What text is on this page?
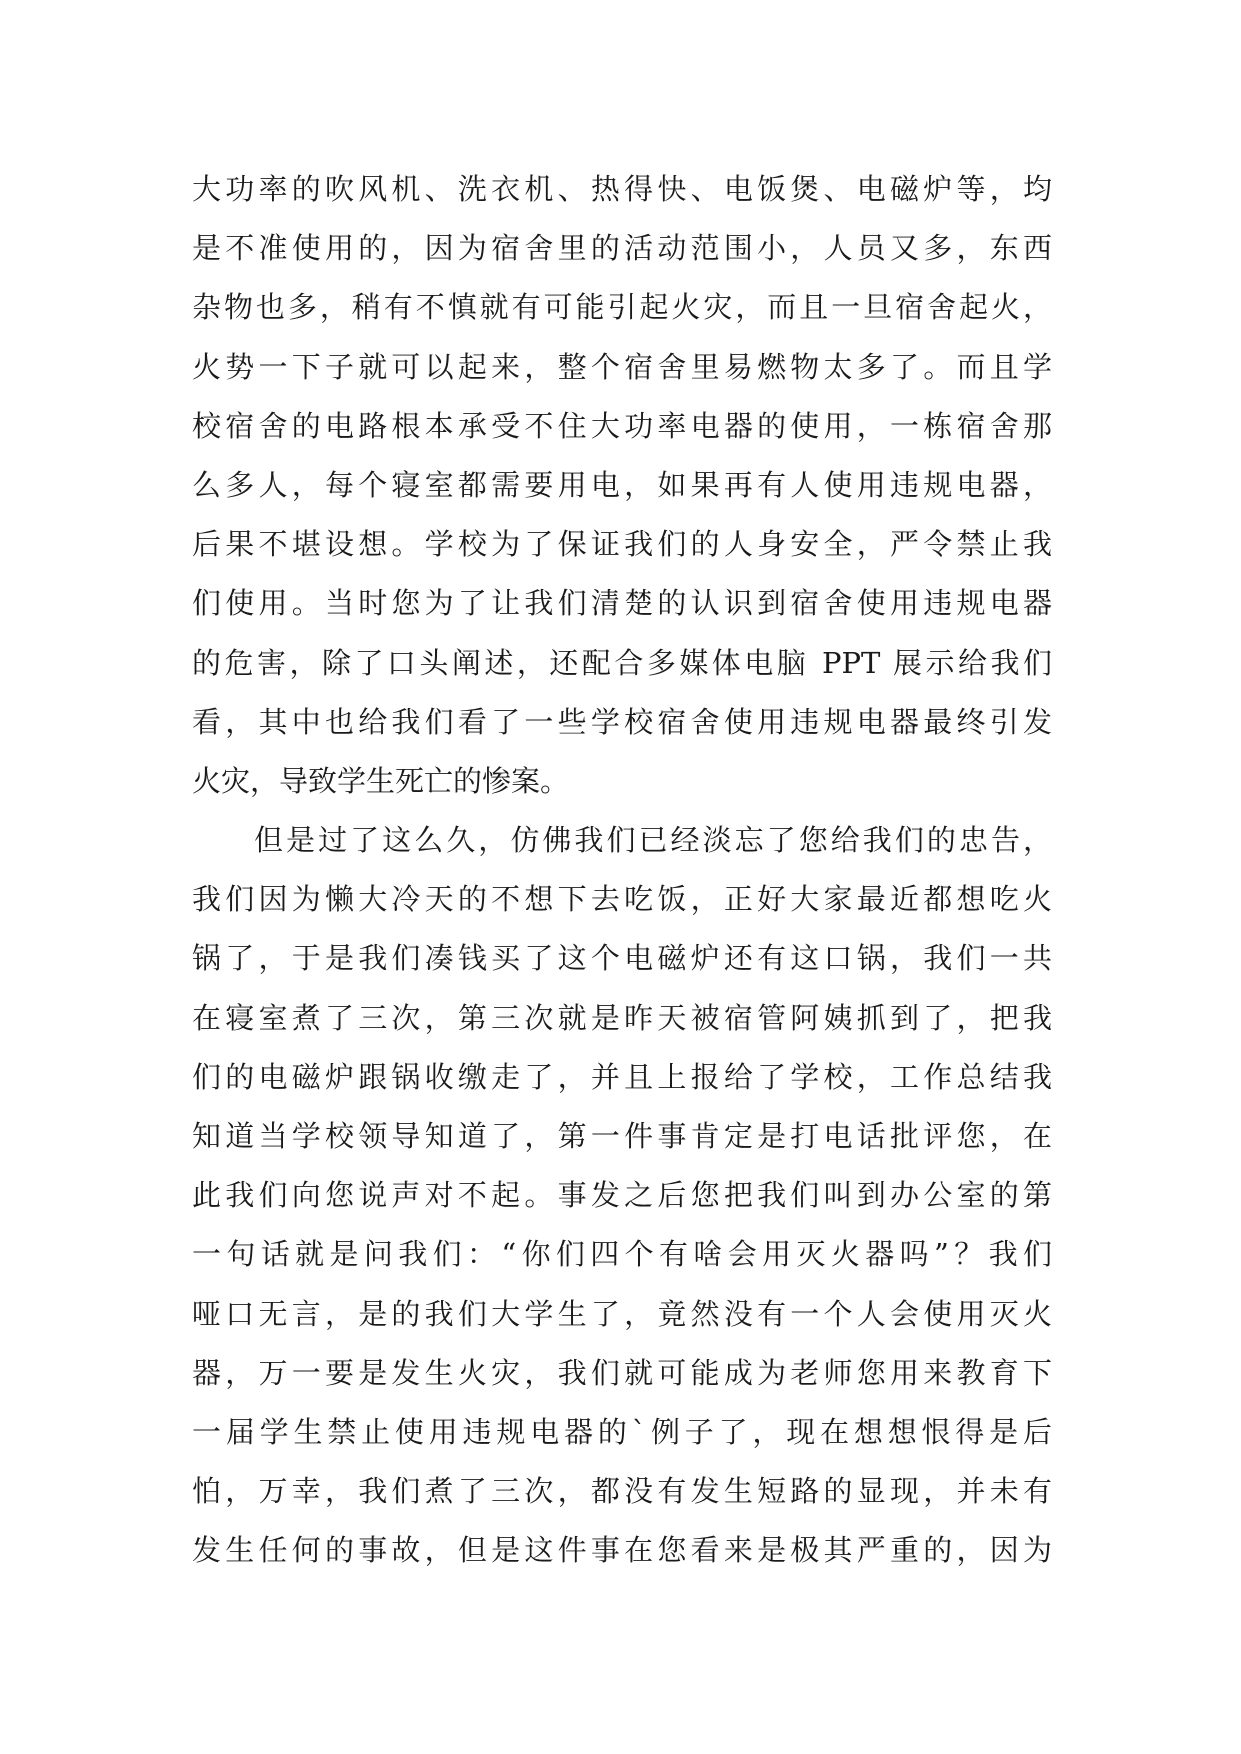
大功率的吹风机、洗衣机、热得快、电饭煲、电磁炉等，均
是不准使用的，因为宿舍里的活动范围小，人员又多，东西
杂物也多，稍有不慎就有可能引起火灾，而且一旦宿舍起火，
火势一下子就可以起来，整个宿舍里易燃物太多了。而且学
校宿舍的电路根本承受不住大功率电器的使用，一栋宿舍那
么多人，每个寝室都需要用电，如果再有人使用违规电器，
后果不堪设想。学校为了保证我们的人身安全，严令禁止我
们使用。当时您为了让我们清楚的认识到宿舍使用违规电器
的危害，除了口头阐述，还配合多媒体电脑 PPT 展示给我们
看，其中也给我们看了一些学校宿舍使用违规电器最终引发
火灾，导致学生死亡的惨案。
但是过了这么久，仿佛我们已经淡忘了您给我们的忠告，
我们因为懒大冷天的不想下去吃饭，正好大家最近都想吃火
锅了，于是我们凑钱买了这个电磁炉还有这口锅，我们一共
在寝室煮了三次，第三次就是昨天被宿管阿姨抓到了，把我
们的电磁炉跟锅收缴走了，并且上报给了学校，工作总结我
知道当学校领导知道了，第一件事肯定是打电话批评您，在
此我们向您说声对不起。事发之后您把我们叫到办公室的第
一句话就是问我们：“你们四个有啥会用灭火器吗”？我们
哑口无言，是的我们大学生了，竟然没有一个人会使用灭火
器，万一要是发生火灾，我们就可能成为老师您用来教育下
一届学生禁止使用违规电器的`例子了，现在想想恨得是后
怕，万幸，我们煮了三次，都没有发生短路的显现，并未有
发生任何的事故，但是这件事在您看来是极其严重的，因为
